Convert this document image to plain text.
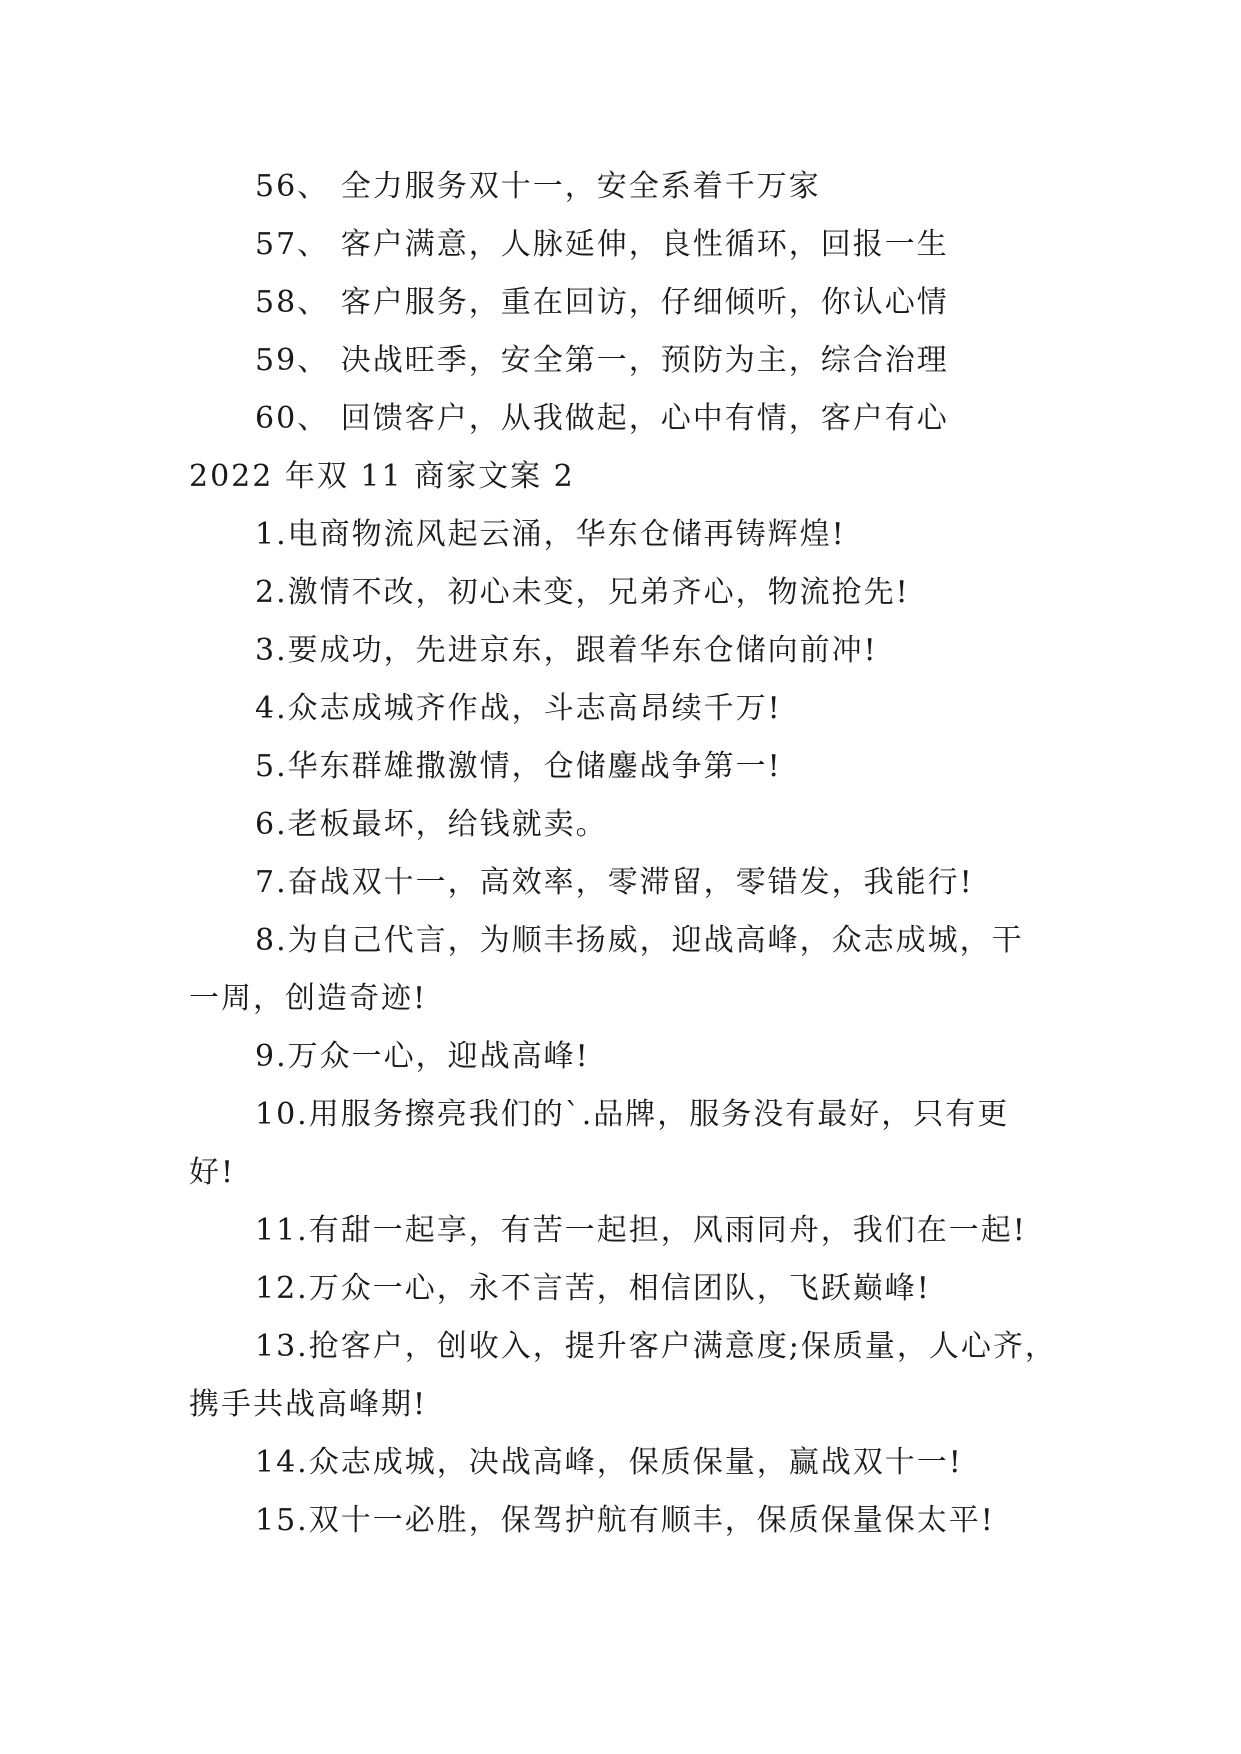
56、 全力服务双十一，安全系着千万家
57、 客户满意，人脉延伸，良性循环，回报一生
58、 客户服务，重在回访，仔细倾听，你认心情
59、 决战旺季，安全第一，预防为主，综合治理
60、 回馈客户，从我做起，心中有情，客户有心
2022 年双 11 商家文案 2
1.电商物流风起云涌，华东仓储再铸辉煌!
2.激情不改，初心未变，兄弟齐心，物流抢先!
3.要成功，先进京东，跟着华东仓储向前冲!
4.众志成城齐作战，斗志高昂续千万!
5.华东群雄撒激情，仓储鏖战争第一!
6.老板最坏，给钱就卖。
7.奋战双十一，高效率，零滞留，零错发，我能行!
8.为自己代言，为顺丰扬威，迎战高峰，众志成城，干
一周，创造奇迹!
9.万众一心，迎战高峰!
10.用服务擦亮我们的`.品牌，服务没有最好，只有更
好!
11.有甜一起享，有苦一起担，风雨同舟，我们在一起!
12.万众一心，永不言苦，相信团队，飞跃巅峰!
13.抢客户，创收入，提升客户满意度;保质量，人心齐，
携手共战高峰期!
14.众志成城，决战高峰，保质保量，赢战双十一!
15.双十一必胜，保驾护航有顺丰，保质保量保太平!
